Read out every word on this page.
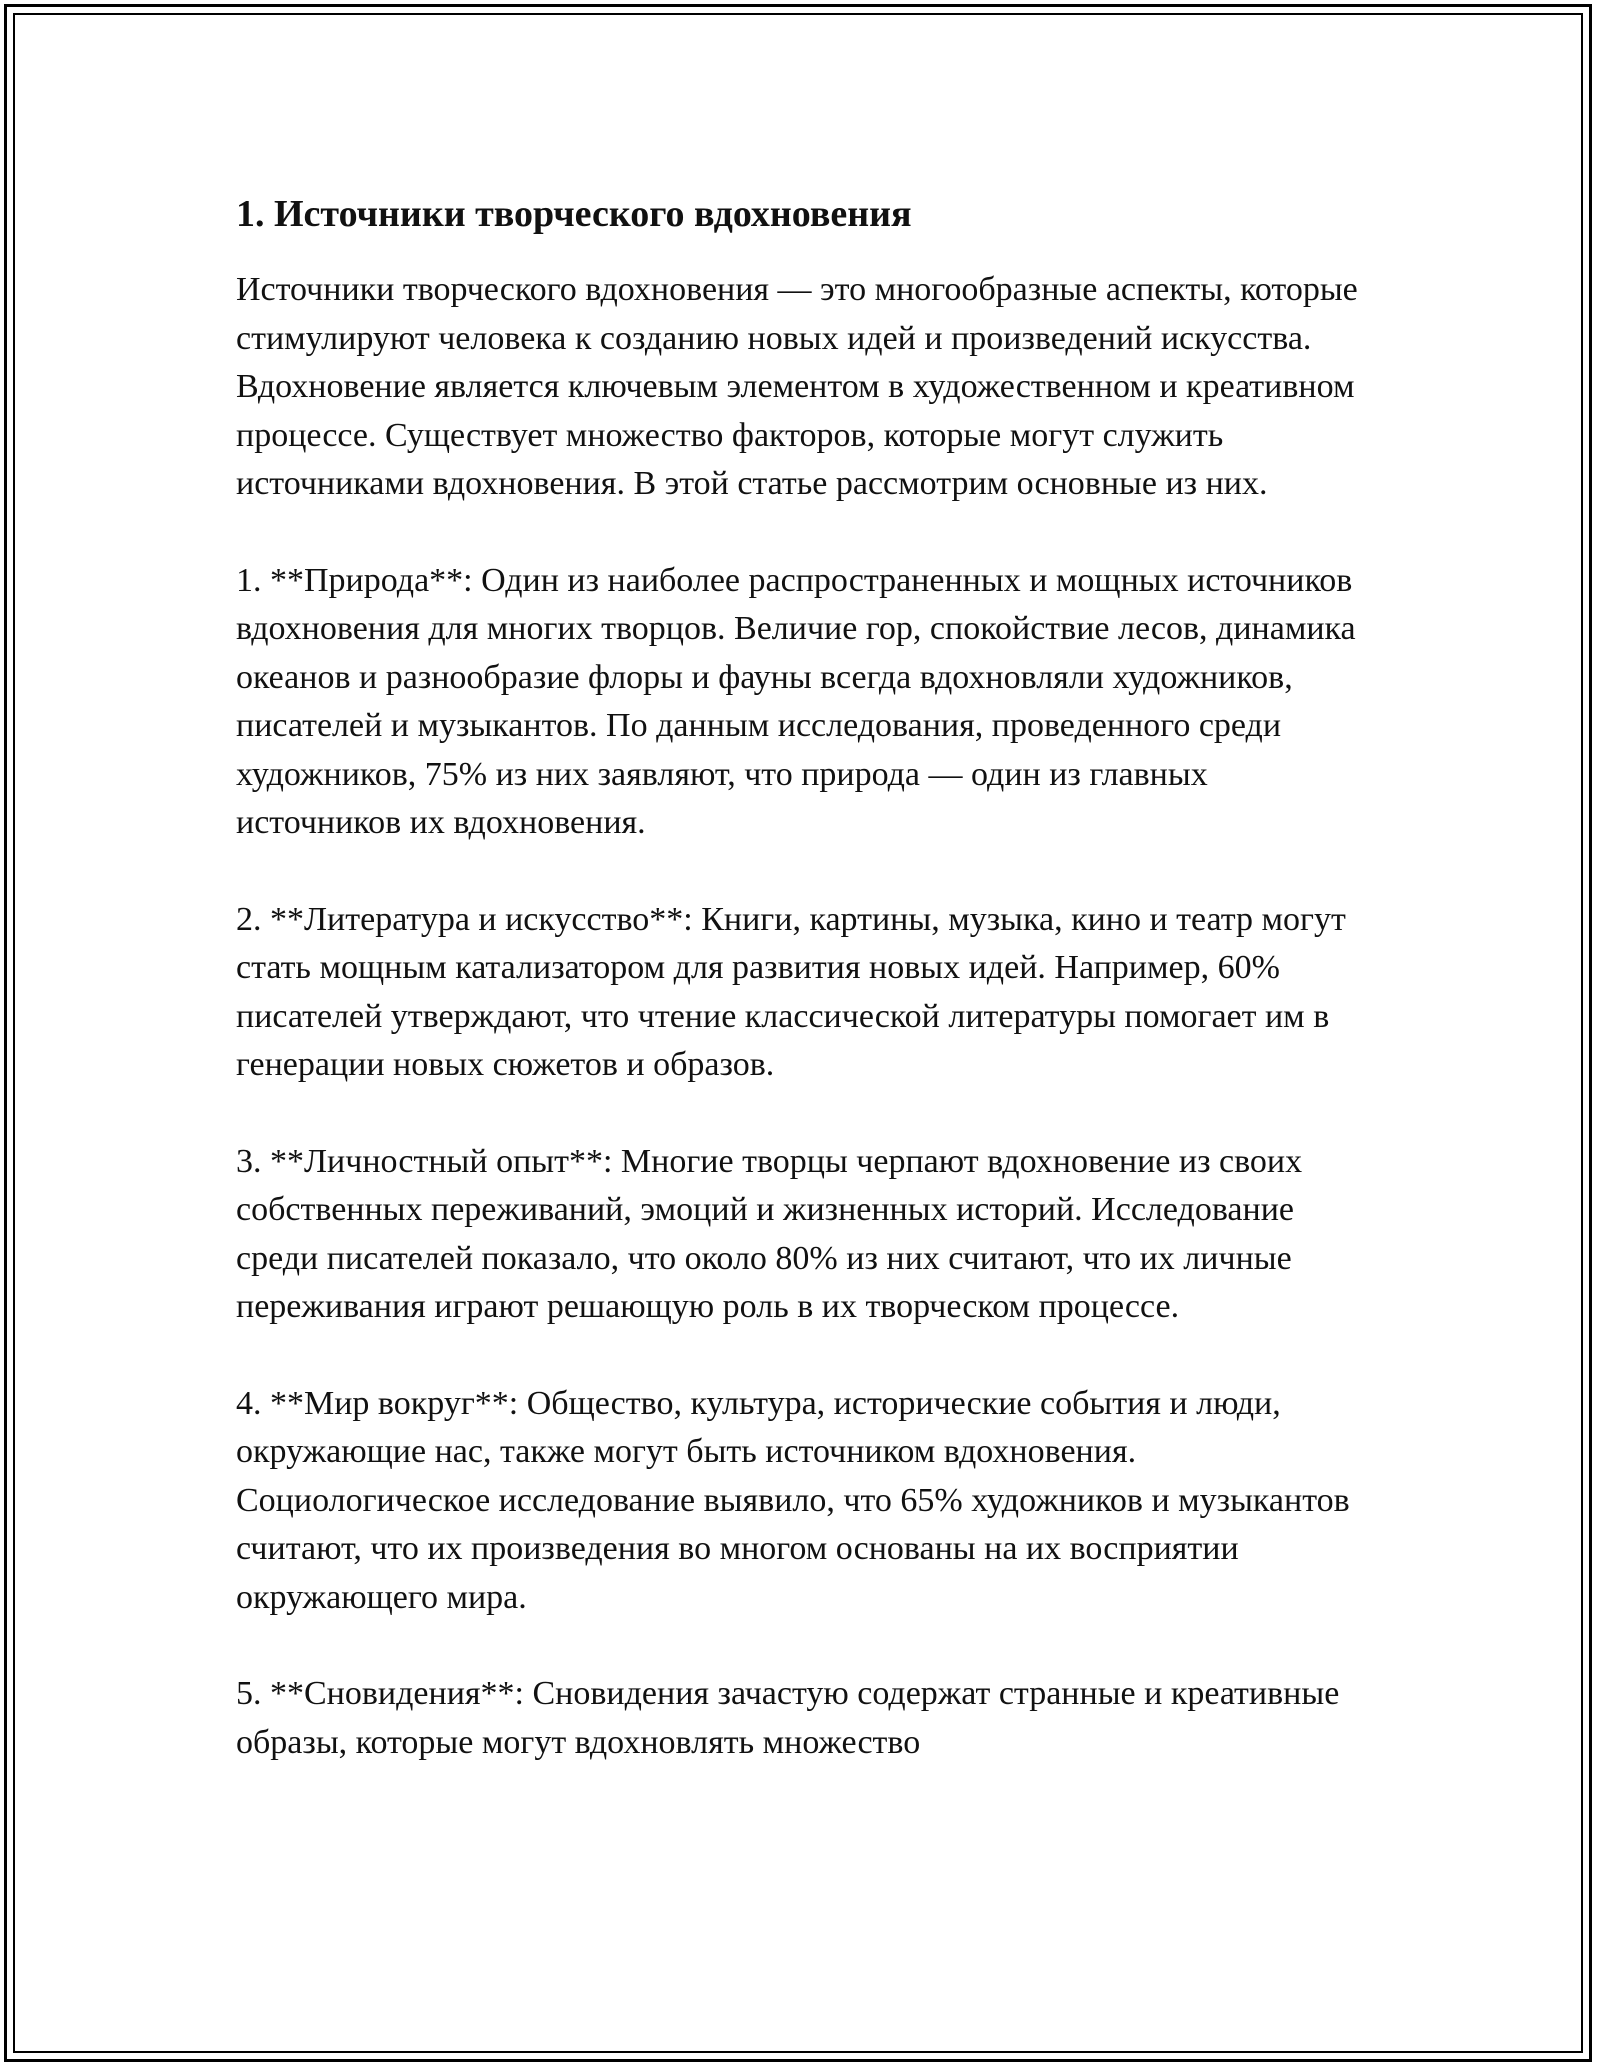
1. Источники творческого вдохновения

Источники творческого вдохновения — это многообразные аспекты, которые стимулируют человека к созданию новых идей и произведений искусства. Вдохновение является ключевым элементом в художественном и креативном процессе. Существует множество факторов, которые могут служить источниками вдохновения. В этой статье рассмотрим основные из них.

1. **Природа**: Один из наиболее распространенных и мощных источников вдохновения для многих творцов. Величие гор, спокойствие лесов, динамика океанов и разнообразие флоры и фауны всегда вдохновляли художников, писателей и музыкантов. По данным исследования, проведенного среди художников, 75% из них заявляют, что природа — один из главных источников их вдохновения.

2. **Литература и искусство**: Книги, картины, музыка, кино и театр могут стать мощным катализатором для развития новых идей. Например, 60% писателей утверждают, что чтение классической литературы помогает им в генерации новых сюжетов и образов.

3. **Личностный опыт**: Многие творцы черпают вдохновение из своих собственных переживаний, эмоций и жизненных историй. Исследование среди писателей показало, что около 80% из них считают, что их личные переживания играют решающую роль в их творческом процессе.

4. **Мир вокруг**: Общество, культура, исторические события и люди, окружающие нас, также могут быть источником вдохновения. Социологическое исследование выявило, что 65% художников и музыкантов считают, что их произведения во многом основаны на их восприятии окружающего мира.

5. **Сновидения**: Сновидения зачастую содержат странные и креативные образы, которые могут вдохновлять множество
